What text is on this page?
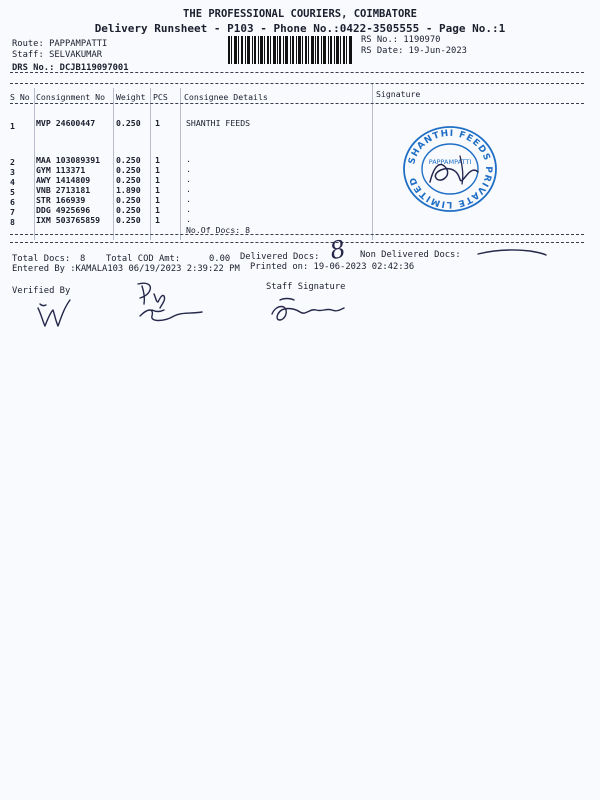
THE PROFESSIONAL COURIERS, COIMBATORE
Delivery Runsheet - P103 - Phone No.:0422-3505555 - Page No.:1
Route: PAPPAMPATTI
Staff: SELVAKUMAR
DRS No.: DCJB119097001
RS No.: 1190970
RS Date: 19-Jun-2023
S No Consignment No Weight PCS Consignee Details	Signature
1	MVP 24600447	0.250 1	SHANTHI FEEDS
2	MAA 103089391 0.250 1	.
3	GYM 113371	0.250 1	.
4	AWY 1414809	0.250 1	.
5	VNB 2713181	1.890 1	.
6	STR 166939	0.250 1	.
7	DDG 4925696	0.250 1	.
8	IXM 503765859 0.250 1	.
No.Of Docs: 8
SHANTHI FEEDS PRIVATE LIMITED
PAPPAMPATTI
Total Docs: 8 Total COD Amt:	0.00 Delivered Docs: 8 Non Delivered Docs:
Entered By :KAMALA103 06/19/2023 2:39:22 PM Printed on: 19-06-2023 02:42:36
Verified By	Staff Signature
